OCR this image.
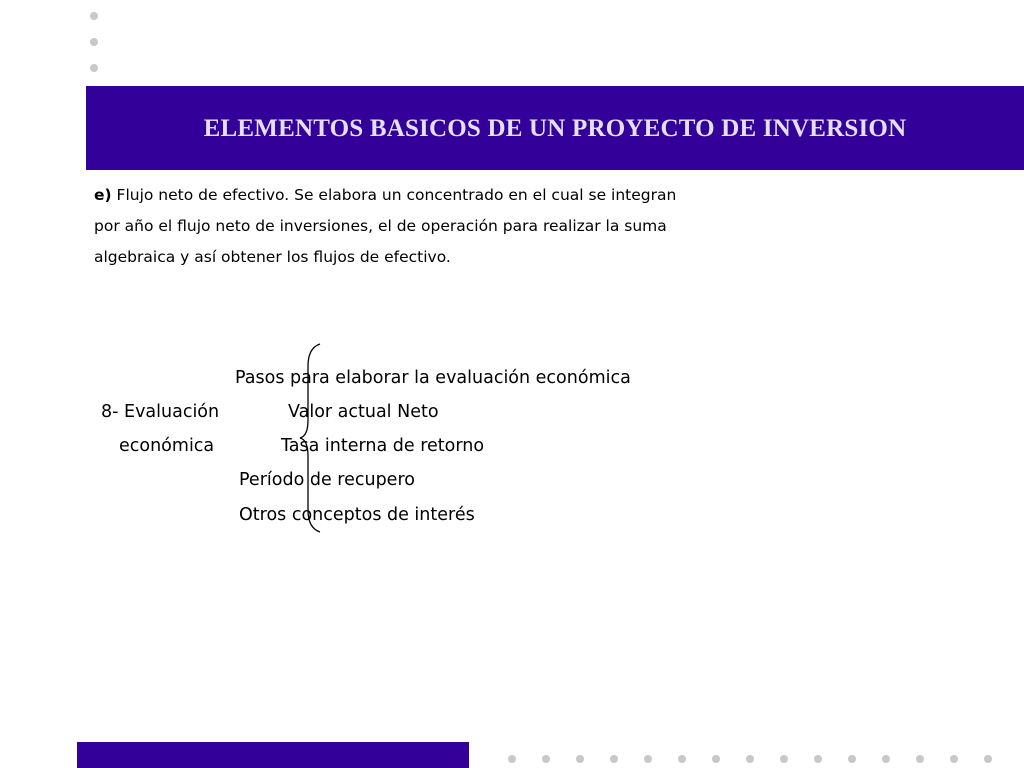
ELEMENTOS BASICOS DE UN PROYECTO DE INVERSION
e) Flujo neto de efectivo. Se elabora un concentrado en el cual se integran por año el flujo neto de inversiones, el de operación para realizar la suma algebraica y así obtener los flujos de efectivo.
Pasos para elaborar la evaluación económica
8- Evaluación
económica
Valor actual Neto
Tasa interna de retorno
Período de recupero
Otros conceptos de interés
